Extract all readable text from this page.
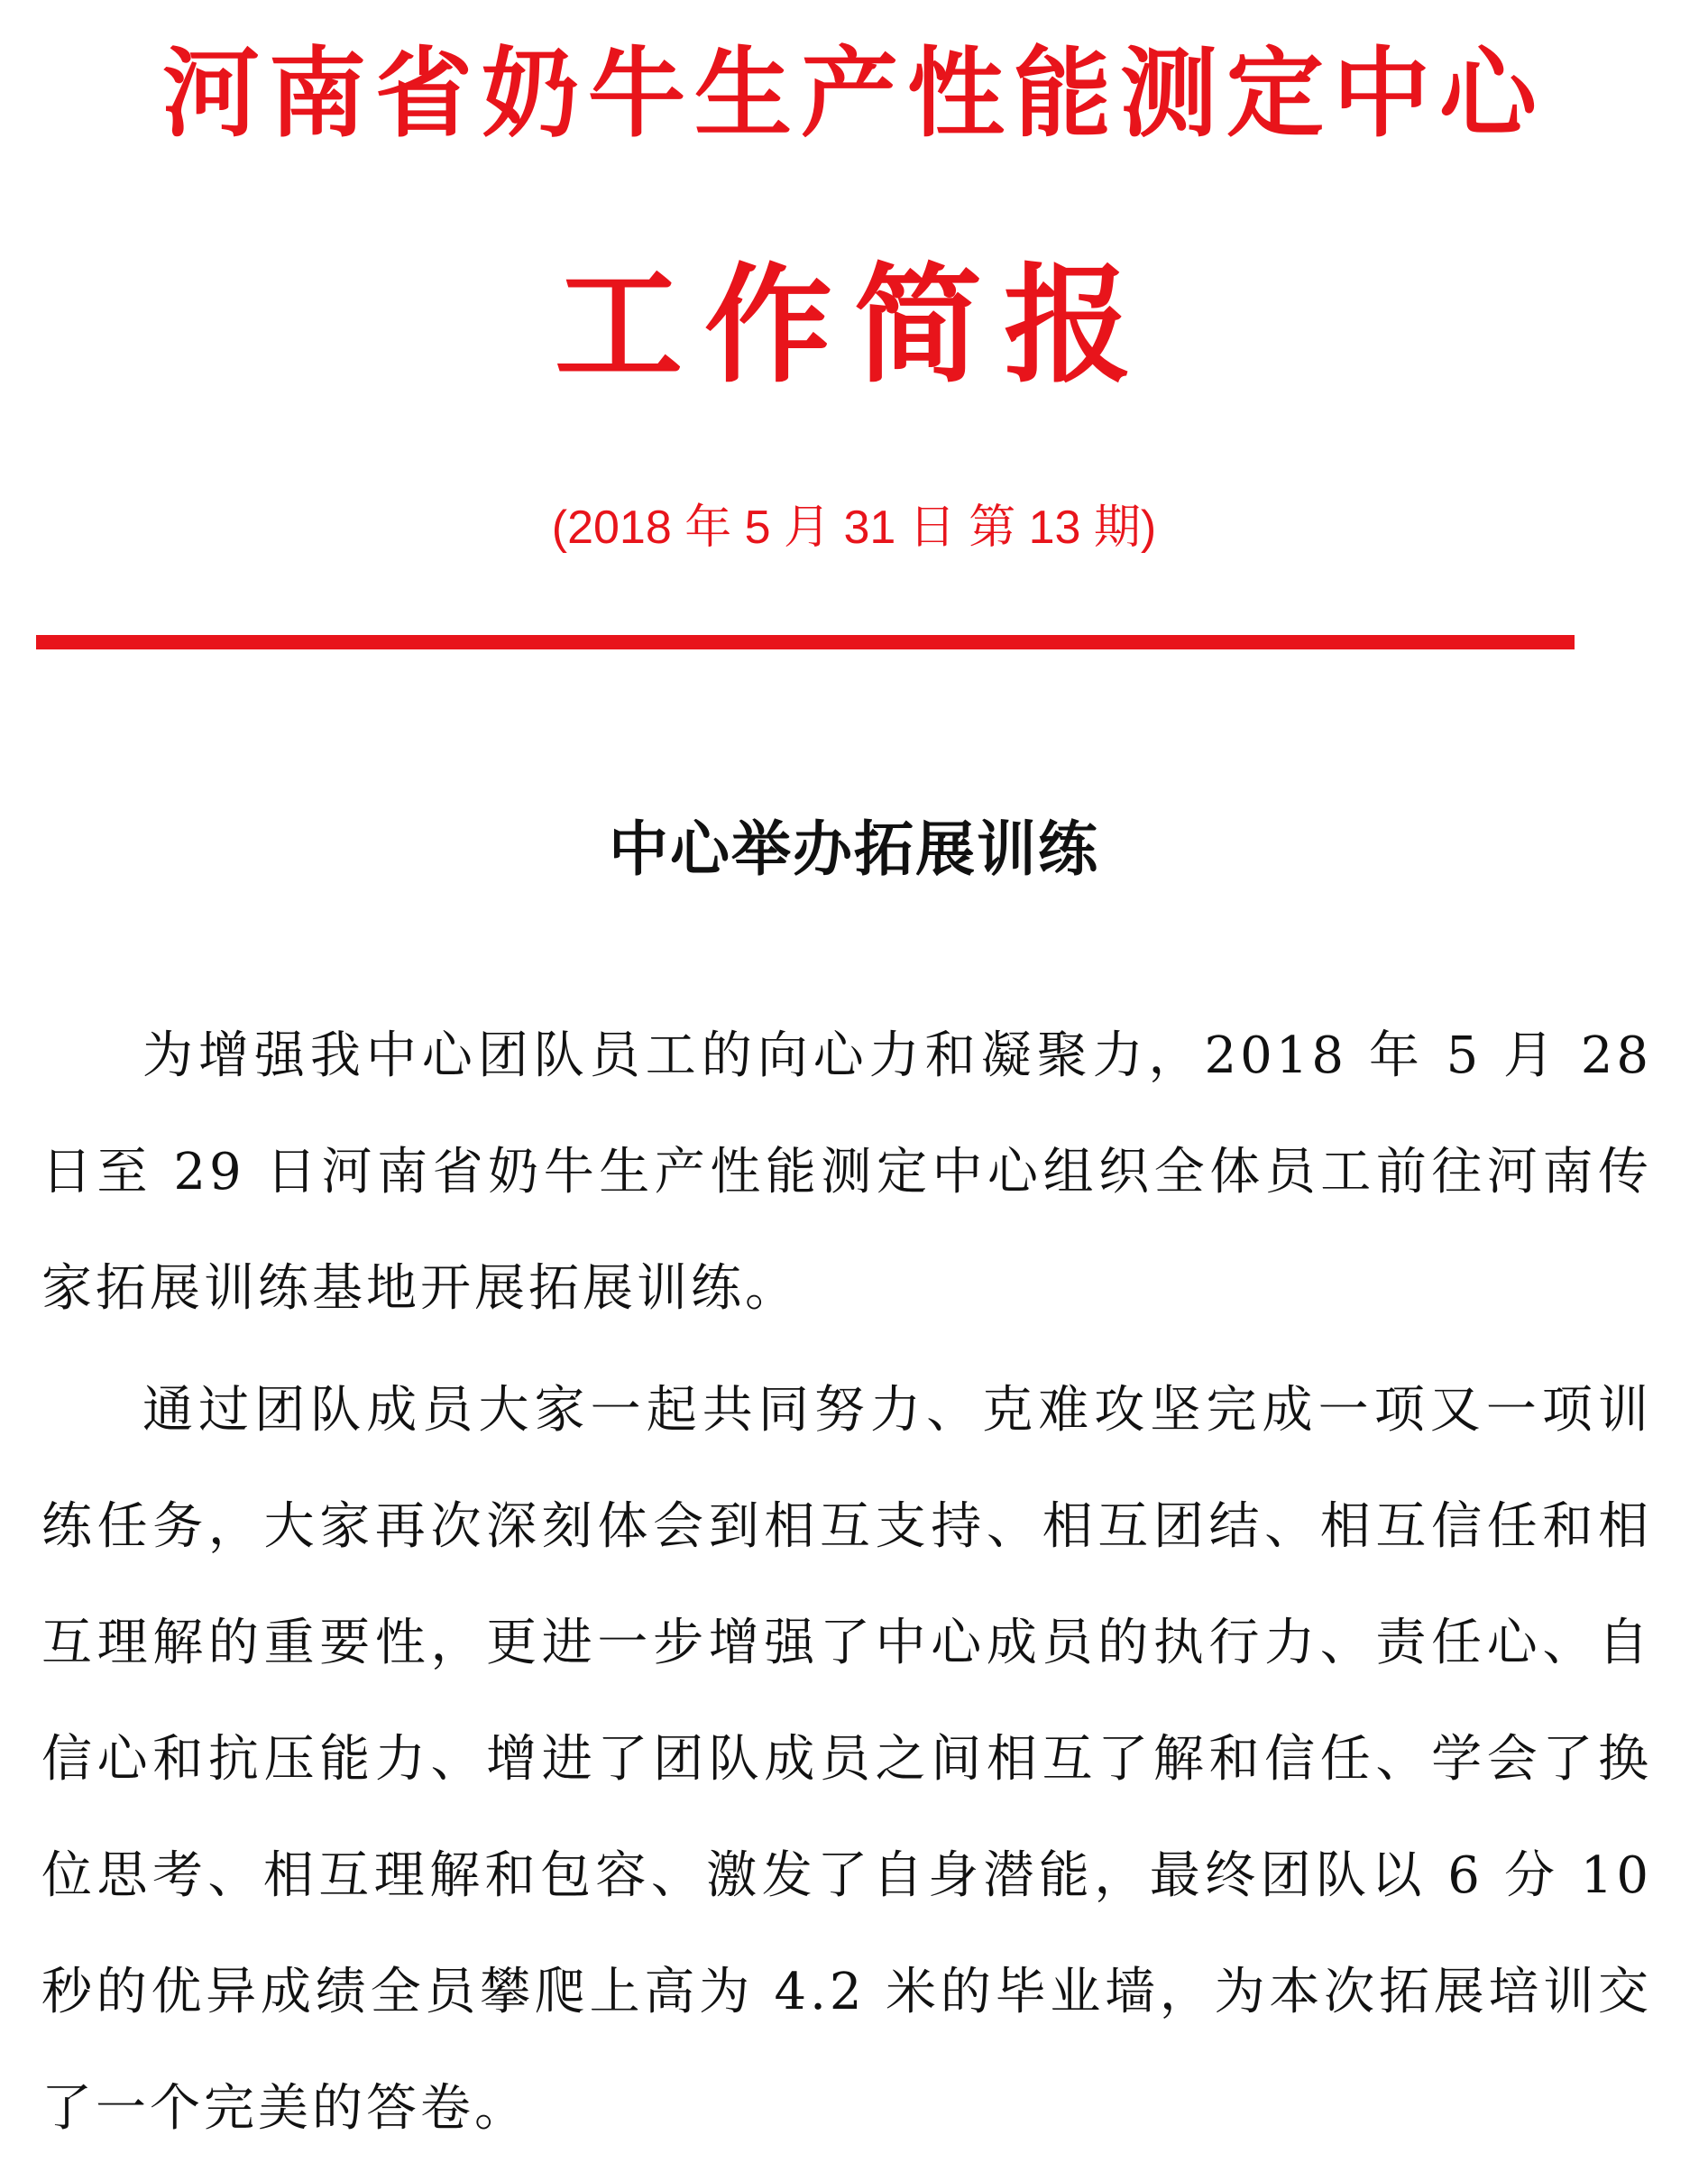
河南省奶牛生产性能测定中心
工作简报
(2018 年 5 月 31 日 第 13 期)
中心举办拓展训练

为增强我中心团队员工的向心力和凝聚力，2018 年 5 月 28 日至 29 日河南省奶牛生产性能测定中心组织全体员工前往河南传家拓展训练基地开展拓展训练。

通过团队成员大家一起共同努力、克难攻坚完成一项又一项训练任务，大家再次深刻体会到相互支持、相互团结、相互信任和相互理解的重要性，更进一步增强了中心成员的执行力、责任心、自信心和抗压能力、增进了团队成员之间相互了解和信任、学会了换位思考、相互理解和包容、激发了自身潜能，最终团队以 6 分 10 秒的优异成绩全员攀爬上高为 4.2 米的毕业墙，为本次拓展培训交了一个完美的答卷。
